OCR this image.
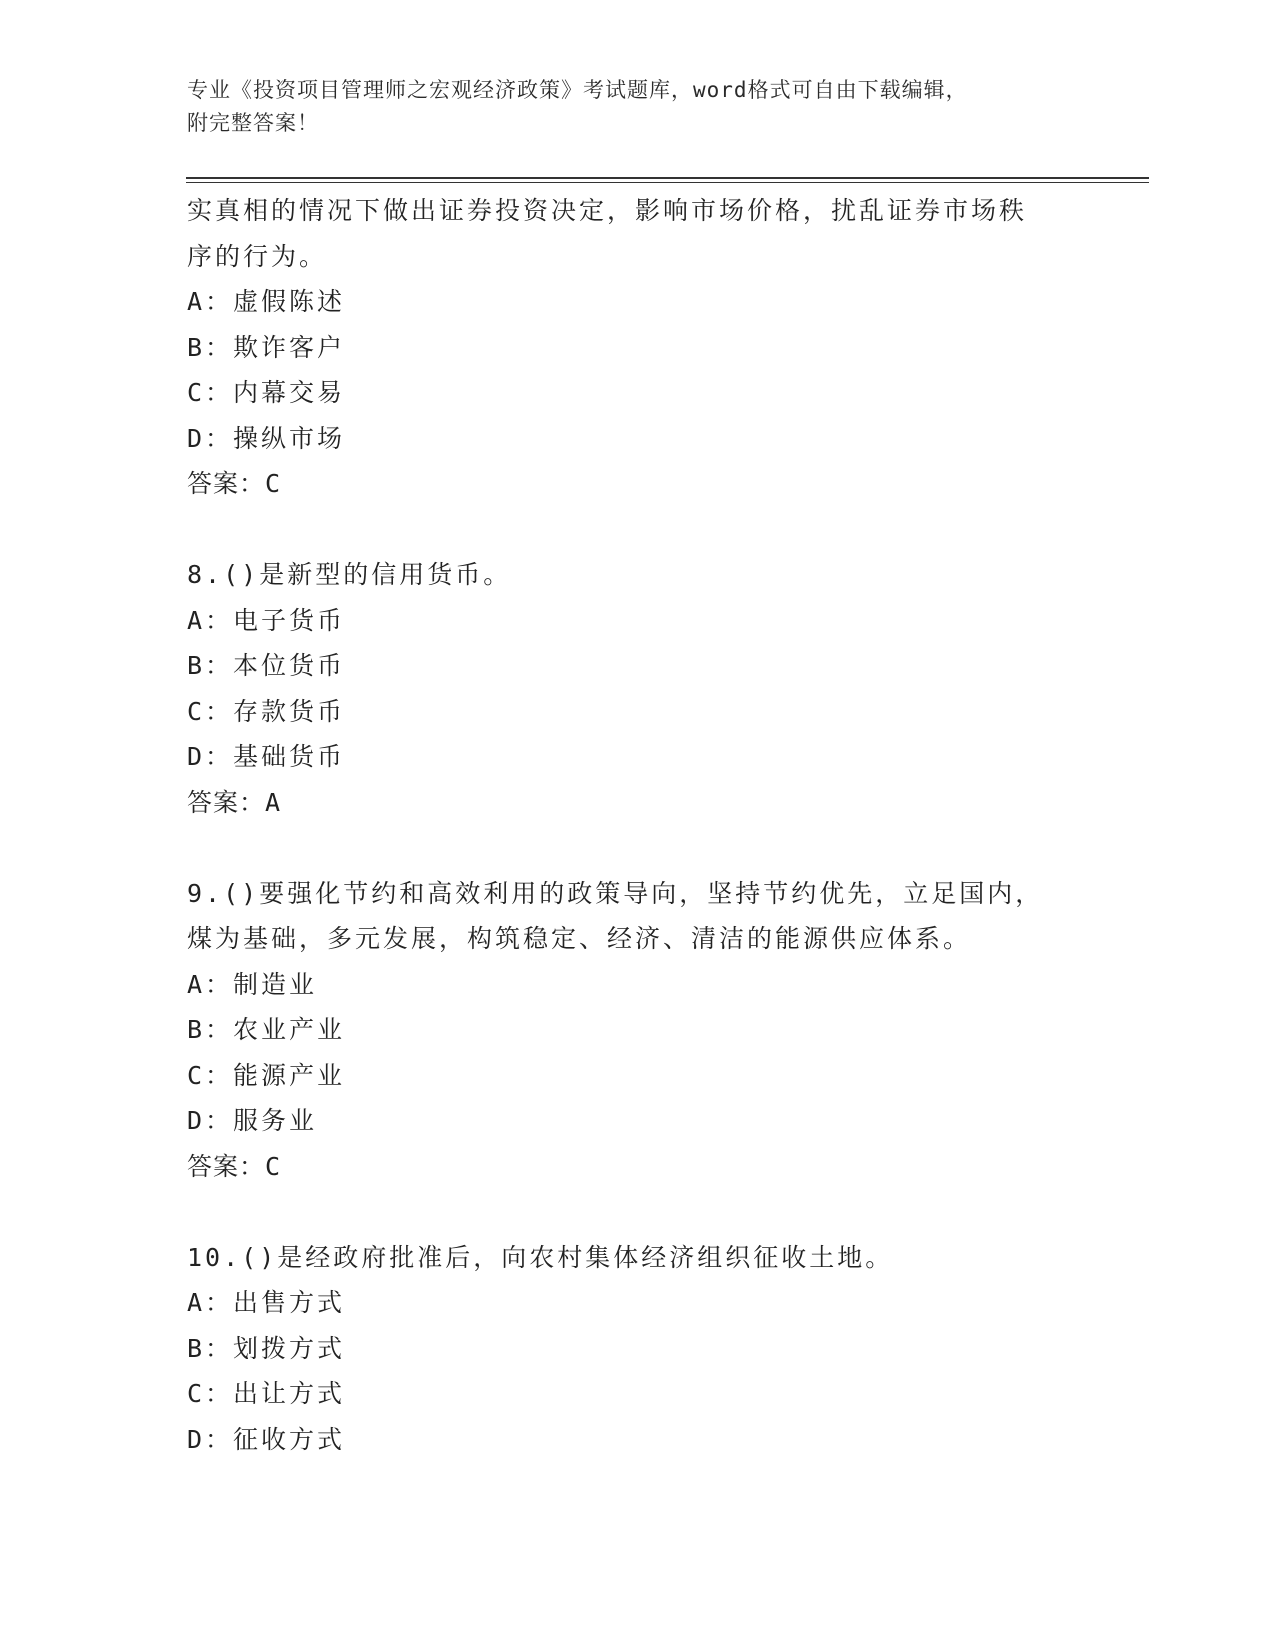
专业《投资项目管理师之宏观经济政策》考试题库，word格式可自由下载编辑，
附完整答案！
实真相的情况下做出证券投资决定，影响市场价格，扰乱证券市场秩
序的行为。
A：虚假陈述
B：欺诈客户
C：内幕交易
D：操纵市场
答案：C
8.()是新型的信用货币。
A：电子货币
B：本位货币
C：存款货币
D：基础货币
答案：A
9.()要强化节约和高效利用的政策导向，坚持节约优先，立足国内，
煤为基础，多元发展，构筑稳定、经济、清洁的能源供应体系。
A：制造业
B：农业产业
C：能源产业
D：服务业
答案：C
10.()是经政府批准后，向农村集体经济组织征收土地。
A：出售方式
B：划拨方式
C：出让方式
D：征收方式
